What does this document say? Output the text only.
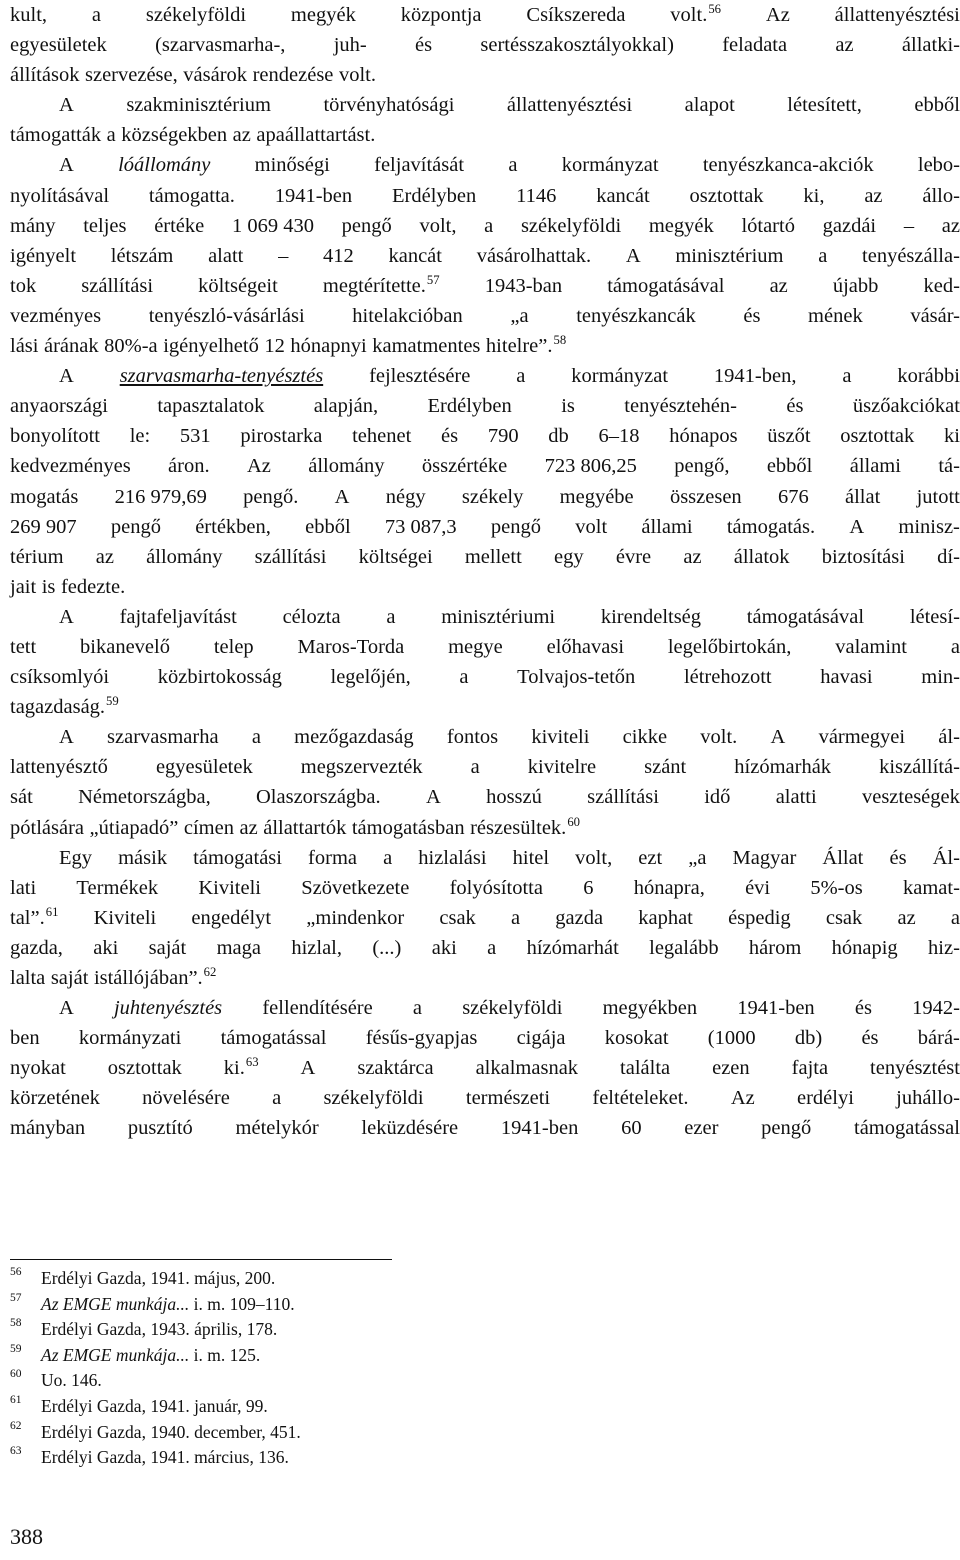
kult, a székelyföldi megyék központja Csíkszereda volt.$^{56}$ Az állattenyésztési
egyesületek (szarvasmarha-, juh- és sertésszakosztályokkal) feladata az állatki-
állítások szervezése, vásárok rendezése volt.
A	szakminisztérium	törvényhatósági	állattenyésztési	alapot	létesített,	ebből
támogatták a községekben az apaállattartást.
A lóállomány minőségi feljavítását a kormányzat tenyészkanca-akciók lebo-
nyolításával támogatta. 1941-ben Erdélyben 1146 kancát osztottak ki, az állo-
mány teljes értéke 1 069 430 pengő volt, a székelyföldi megyék lótartó gazdái – az
igényelt létszám alatt – 412 kancát vásárolhattak. A minisztérium a tenyészálla-
tok szállítási költségeit megtérítette.$^{57}$ 1943-ban támogatásával az újabb ked-
vezményes tenyészló-vásárlási hitelakcióban „a tenyészkancák és mének vásár-
lási árának 80%-a igényelhető 12 hónapnyi kamatmentes hitelre”.$^{58}$
A szarvasmarha-tenyésztés fejlesztésére a kormányzat 1941-ben, a korábbi
anyaországi tapasztalatok alapján, Erdélyben is tenyésztehén- és üszőakciókat
bonyolított le: 531 pirostarka tehenet és 790 db 6–18 hónapos üszőt osztottak ki
kedvezményes áron. Az állomány összértéke 723 806,25 pengő, ebből állami tá-
mogatás 216 979,69 pengő. A négy székely megyébe összesen 676 állat jutott
269 907 pengő értékben, ebből 73 087,3 pengő volt állami támogatás. A minisz-
térium az állomány szállítási költségei mellett egy évre az állatok biztosítási dí-
jait is fedezte.
A fajtafeljavítást célozta a minisztériumi kirendeltség támogatásával létesí-
tett bikanevelő telep Maros-Torda megye előhavasi legelőbirtokán, valamint a
csíksomlyói közbirtokosság legelőjén, a Tolvajos-tetőn létrehozott havasi min-
tagazdaság.$^{59}$
A szarvasmarha a mezőgazdaság fontos kiviteli cikke volt. A vármegyei ál-
lattenyésztő egyesületek megszervezték a kivitelre szánt hízómarhák kiszállítá-
sát Németországba, Olaszországba. A hosszú szállítási idő alatti veszteségek
pótlására „útiapadó” címen az állattartók támogatásban részesültek.$^{60}$
Egy másik támogatási forma a hizlalási hitel volt, ezt „a Magyar Állat és Ál-
lati Termékek Kiviteli Szövetkezete folyósította 6 hónapra, évi 5%-os kamat-
tal”.$^{61}$ Kiviteli engedélyt „mindenkor csak a gazda kaphat éspedig csak az a
gazda, aki saját maga hizlal, (...) aki a hízómarhát legalább három hónapig hiz-
lalta saját istállójában”.$^{62}$
A juhtenyésztés fellendítésére a székelyföldi megyékben 1941-ben és 1942-
ben kormányzati támogatással fésűs-gyapjas cigája kosokat (1000 db) és bárá-
nyokat osztottak ki.$^{63}$ A szaktárca alkalmasnak találta ezen fajta tenyésztést
körzetének növelésére a székelyföldi természeti feltételeket. Az erdélyi juhállo-
mányban pusztító mételykór leküzdésére 1941-ben 60 ezer pengő támogatással
56 Erdélyi Gazda, 1941. május, 200.
57 Az EMGE munkája... i. m. 109–110.
58 Erdélyi Gazda, 1943. április, 178.
59 Az EMGE munkája... i. m. 125.
60 Uo. 146.
61 Erdélyi Gazda, 1941. január, 99.
62 Erdélyi Gazda, 1940. december, 451.
63 Erdélyi Gazda, 1941. március, 136.
388
